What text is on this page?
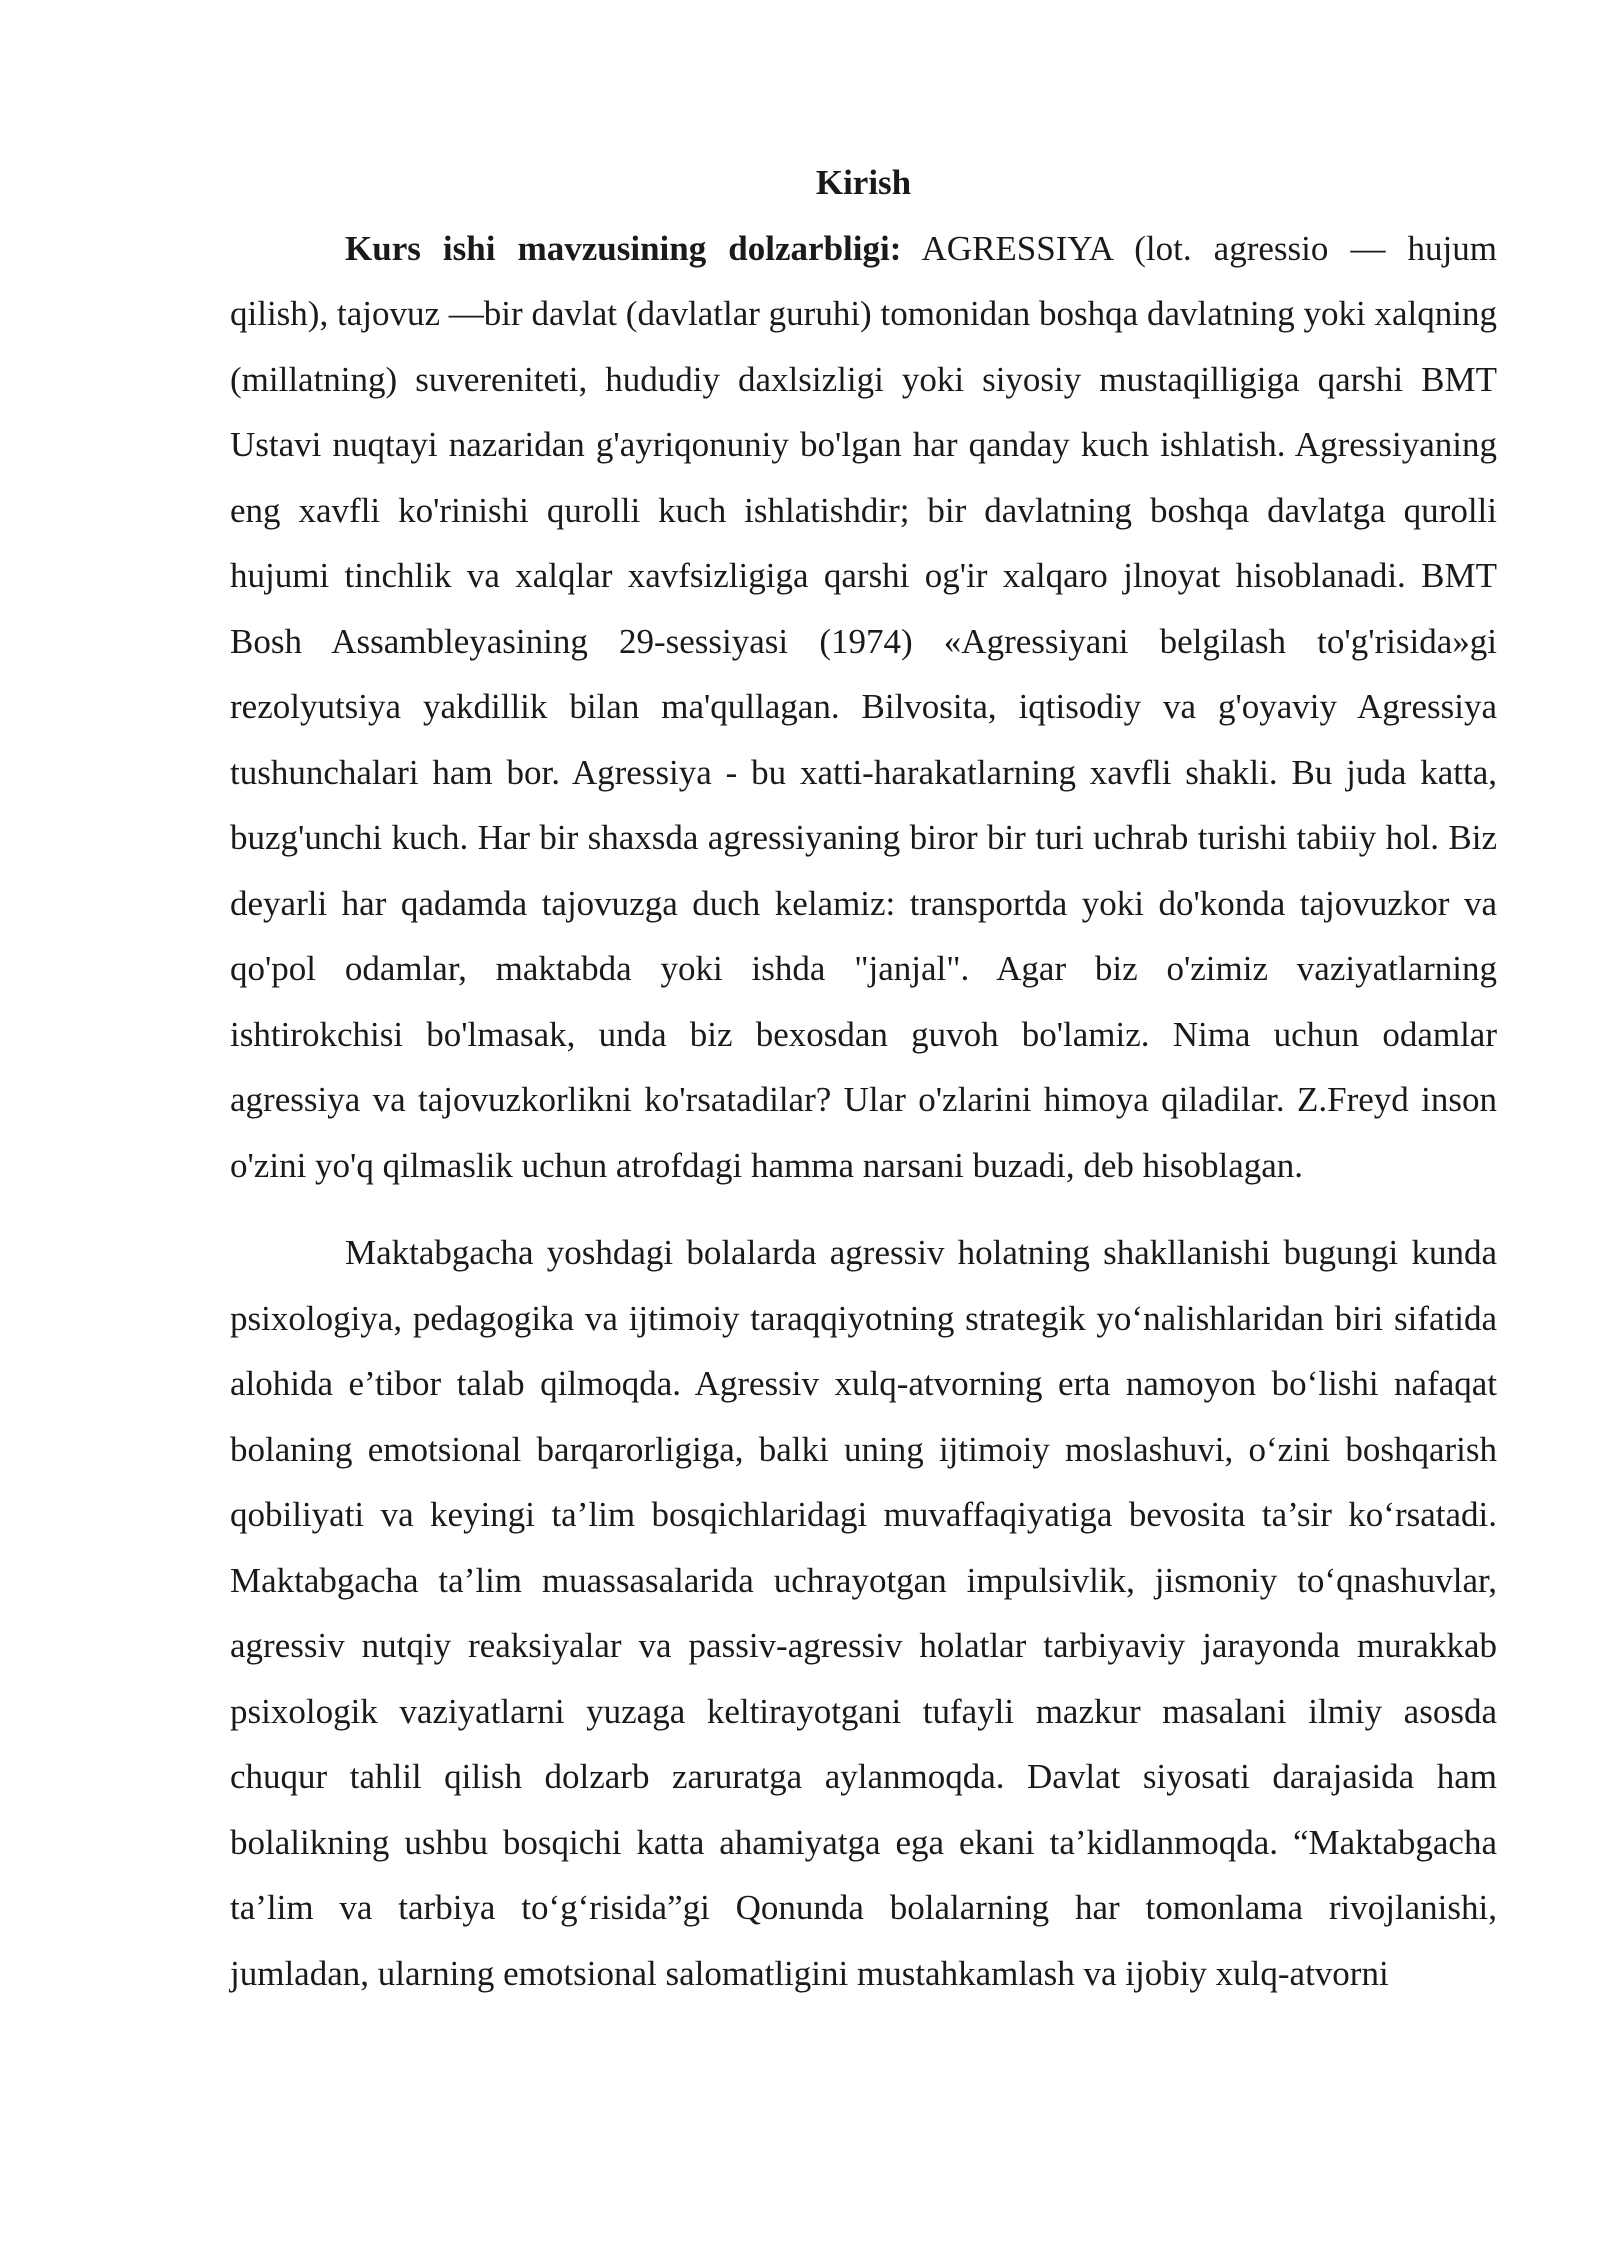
Kirish

Kurs ishi mavzusining dolzarbligi: AGRESSIYA (lot. agressio — hujum qilish), tajovuz —bir davlat (davlatlar guruhi) tomonidan boshqa davlatning yoki xalqning (millatning) suvereniteti, hududiy daxlsizligi yoki siyosiy mustaqilligiga qarshi BMT Ustavi nuqtayi nazaridan g'ayriqonuniy bo'lgan har qanday kuch ishlatish. Agressiyaning eng xavfli ko'rinishi qurolli kuch ishlatishdir; bir davlatning boshqa davlatga qurolli hujumi tinchlik va xalqlar xavfsizligiga qarshi og'ir xalqaro jlnoyat hisoblanadi. BMT Bosh Assambleyasining 29-sessiyasi (1974) «Agressiyani belgilash to'g'risida»gi rezolyutsiya yakdillik bilan ma'qullagan. Bilvosita, iqtisodiy va g'oyaviy Agressiya tushunchalari ham bor. Agressiya - bu xatti-harakatlarning xavfli shakli. Bu juda katta, buzg'unchi kuch. Har bir shaxsda agressiyaning biror bir turi uchrab turishi tabiiy hol. Biz deyarli har qadamda tajovuzga duch kelamiz: transportda yoki do'konda tajovuzkor va qo'pol odamlar, maktabda yoki ishda "janjal". Agar biz o'zimiz vaziyatlarning ishtirokchisi bo'lmasak, unda biz bexosdan guvoh bo'lamiz. Nima uchun odamlar agressiya va tajovuzkorlikni ko'rsatadilar? Ular o'zlarini himoya qiladilar. Z.Freyd inson o'zini yo'q qilmaslik uchun atrofdagi hamma narsani buzadi, deb hisoblagan.

Maktabgacha yoshdagi bolalarda agressiv holatning shakllanishi bugungi kunda psixologiya, pedagogika va ijtimoiy taraqqiyotning strategik yo‘nalishlaridan biri sifatida alohida e’tibor talab qilmoqda. Agressiv xulq-atvorning erta namoyon bo‘lishi nafaqat bolaning emotsional barqarorligiga, balki uning ijtimoiy moslashuvi, o‘zini boshqarish qobiliyati va keyingi ta’lim bosqichlaridagi muvaffaqiyatiga bevosita ta’sir ko‘rsatadi. Maktabgacha ta’lim muassasalarida uchrayotgan impulsivlik, jismoniy to‘qnashuvlar, agressiv nutqiy reaksiyalar va passiv-agressiv holatlar tarbiyaviy jarayonda murakkab psixologik vaziyatlarni yuzaga keltirayotgani tufayli mazkur masalani ilmiy asosda chuqur tahlil qilish dolzarb zaruratga aylanmoqda. Davlat siyosati darajasida ham bolalikning ushbu bosqichi katta ahamiyatga ega ekani ta’kidlanmoqda. “Maktabgacha ta’lim va tarbiya to‘g‘risida”gi Qonunda bolalarning har tomonlama rivojlanishi, jumladan, ularning emotsional salomatligini mustahkamlash va ijobiy xulq-atvorni
